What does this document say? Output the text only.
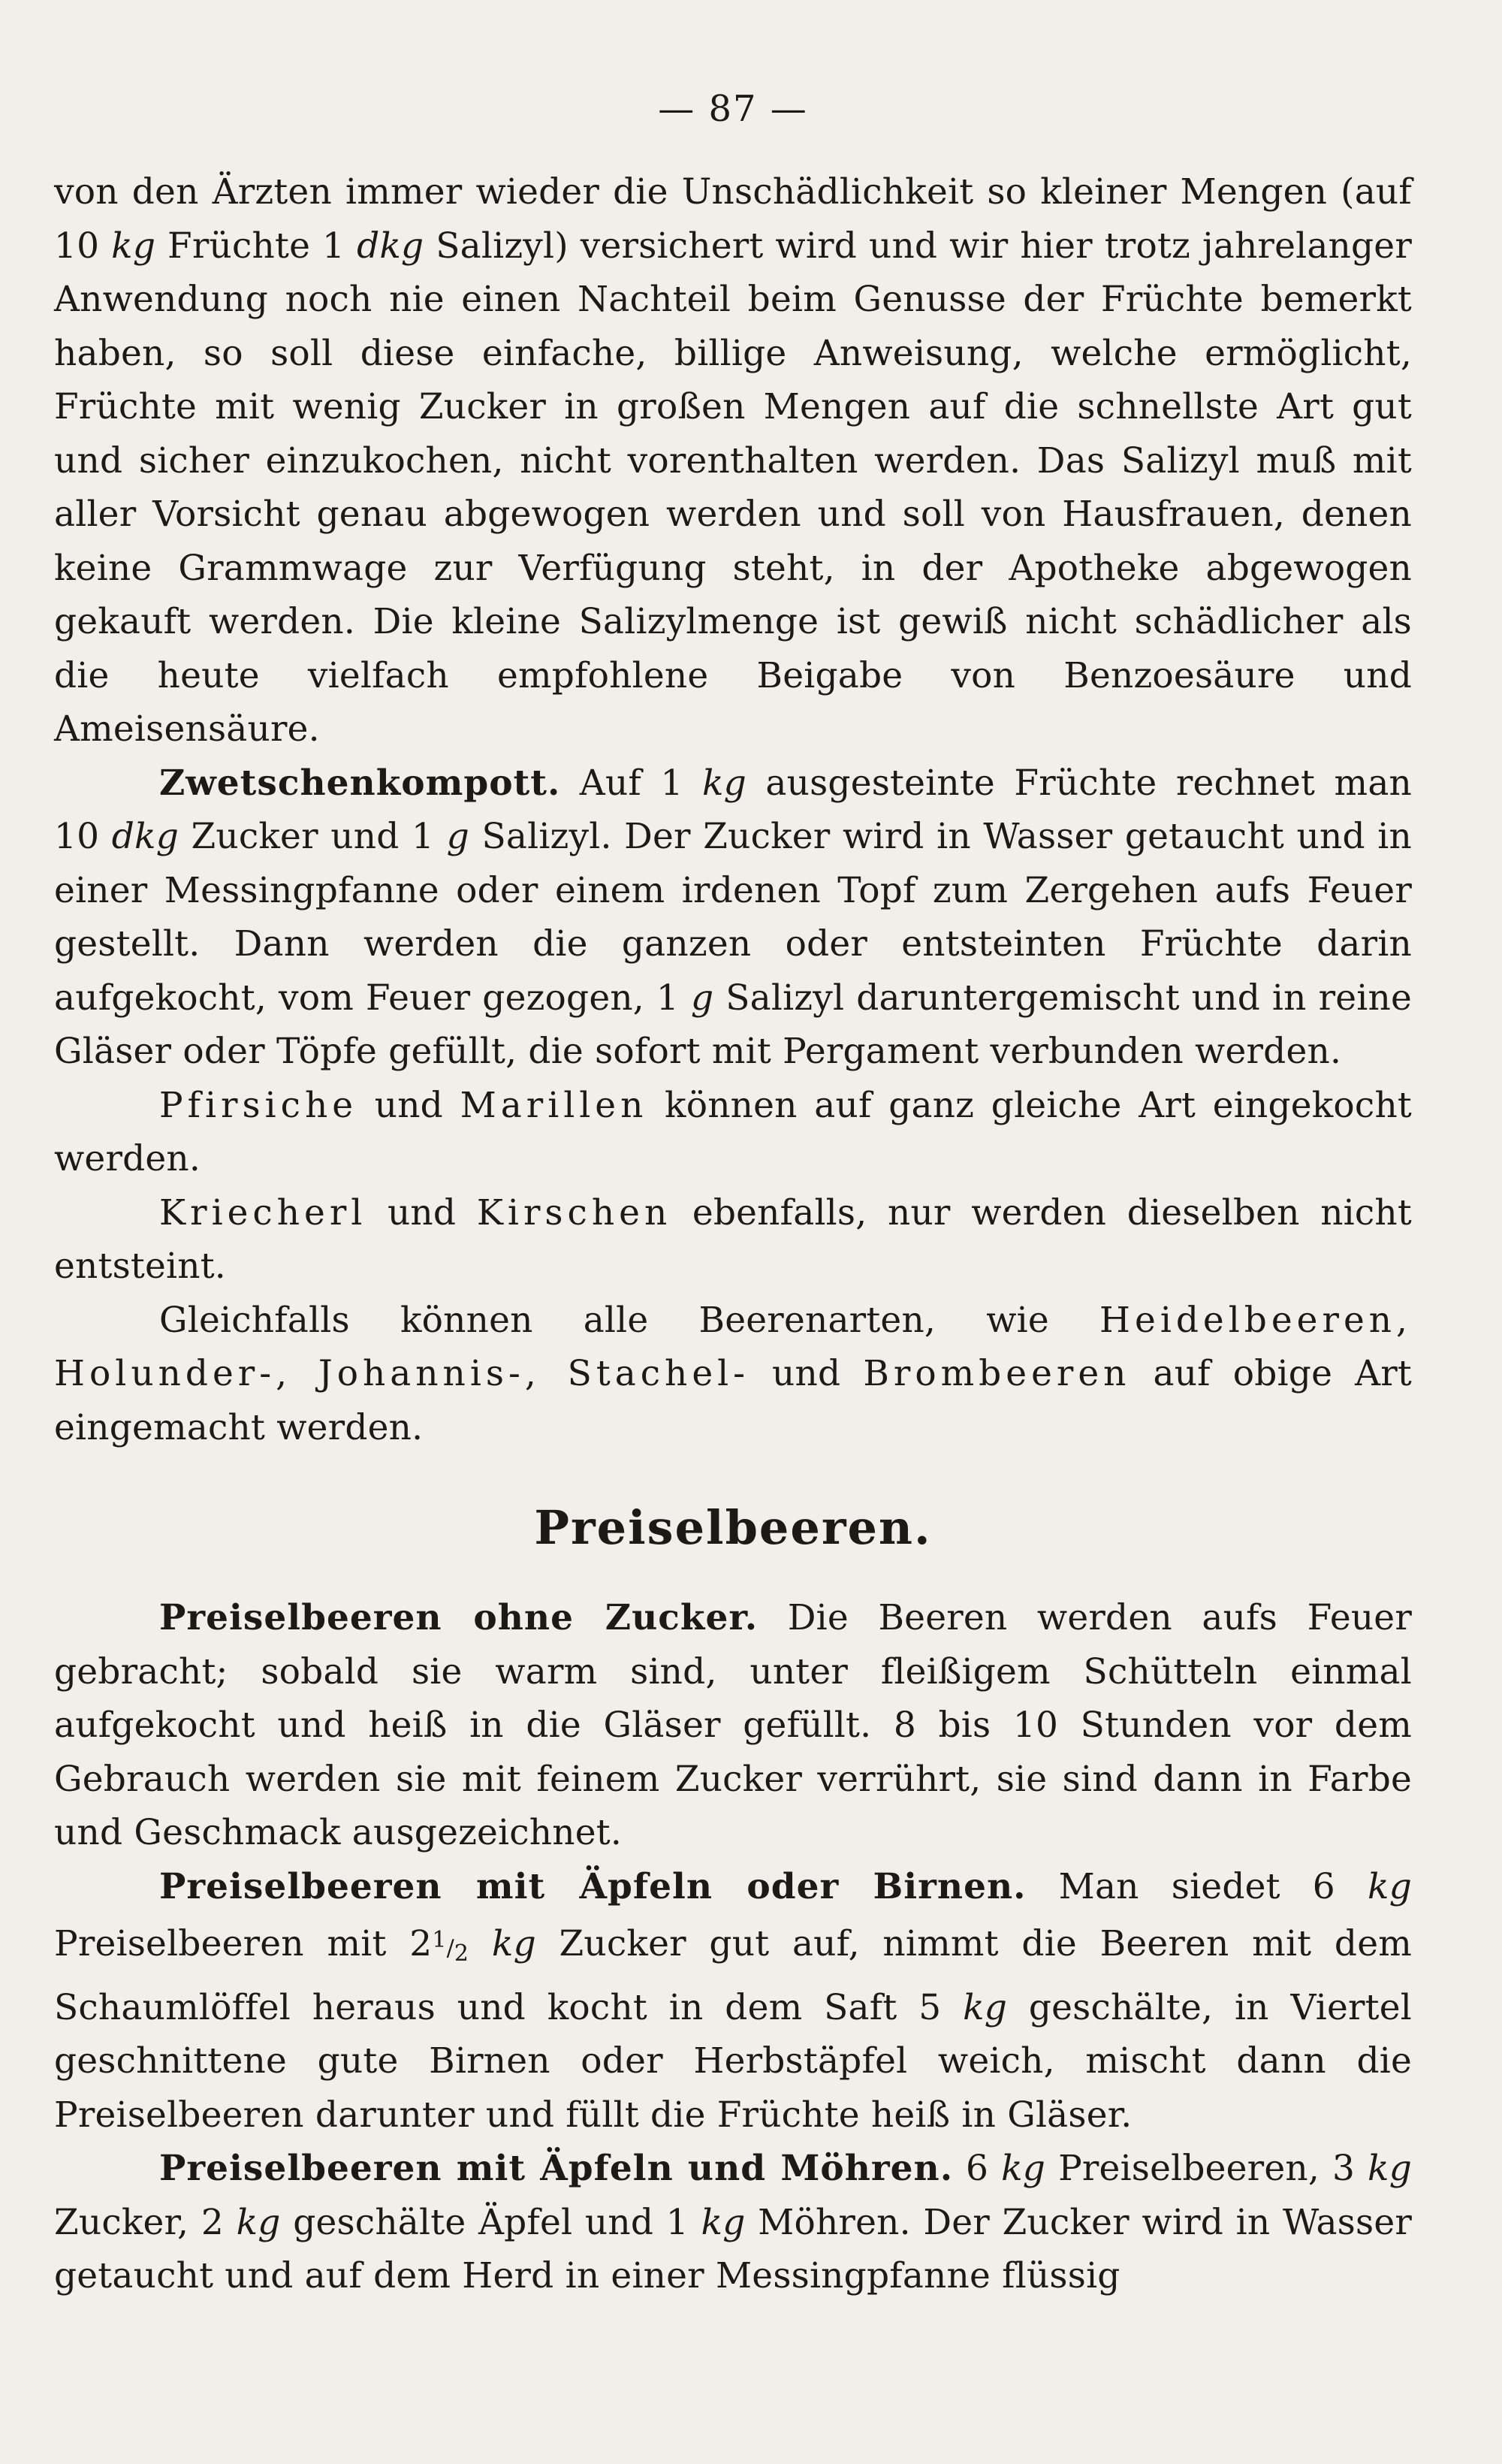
— 87 —

von den Ärzten immer wieder die Unschädlichkeit so kleiner Mengen (auf 10 kg Früchte 1 dkg Salizyl) versichert wird und wir hier trotz jahrelanger Anwendung noch nie einen Nachteil beim Genusse der Früchte bemerkt haben, so soll diese einfache, billige Anweisung, welche ermöglicht, Früchte mit wenig Zucker in großen Mengen auf die schnellste Art gut und sicher einzukochen, nicht vorenthalten werden. Das Salizyl muß mit aller Vorsicht genau abgewogen werden und soll von Hausfrauen, denen keine Grammwage zur Verfügung steht, in der Apotheke abgewogen gekauft werden. Die kleine Salizylmenge ist gewiß nicht schädlicher als die heute vielfach empfohlene Beigabe von Benzoesäure und Ameisensäure.

Zwetschenkompott. Auf 1 kg ausgesteinte Früchte rechnet man 10 dkg Zucker und 1 g Salizyl. Der Zucker wird in Wasser getaucht und in einer Messingpfanne oder einem irdenen Topf zum Zergehen aufs Feuer gestellt. Dann werden die ganzen oder entsteinten Früchte darin aufgekocht, vom Feuer gezogen, 1 g Salizyl daruntergemischt und in reine Gläser oder Töpfe gefüllt, die sofort mit Pergament verbunden werden.

Pfirsiche und Marillen können auf ganz gleiche Art eingekocht werden.

Kriecherl und Kirschen ebenfalls, nur werden dieselben nicht entsteint.

Gleichfalls können alle Beerenarten, wie Heidelbeeren, Holunder-, Johannis-, Stachel- und Brombeeren auf obige Art eingemacht werden.

Preiselbeeren.

Preiselbeeren ohne Zucker. Die Beeren werden aufs Feuer gebracht; sobald sie warm sind, unter fleißigem Schütteln einmal aufgekocht und heiß in die Gläser gefüllt. 8 bis 10 Stunden vor dem Gebrauch werden sie mit feinem Zucker verrührt, sie sind dann in Farbe und Geschmack ausgezeichnet.

Preiselbeeren mit Äpfeln oder Birnen. Man siedet 6 kg Preiselbeeren mit 21/2 kg Zucker gut auf, nimmt die Beeren mit dem Schaumlöffel heraus und kocht in dem Saft 5 kg geschälte, in Viertel geschnittene gute Birnen oder Herbstäpfel weich, mischt dann die Preiselbeeren darunter und füllt die Früchte heiß in Gläser.

Preiselbeeren mit Äpfeln und Möhren. 6 kg Preiselbeeren, 3 kg Zucker, 2 kg geschälte Äpfel und 1 kg Möhren. Der Zucker wird in Wasser getaucht und auf dem Herd in einer Messingpfanne flüssig
